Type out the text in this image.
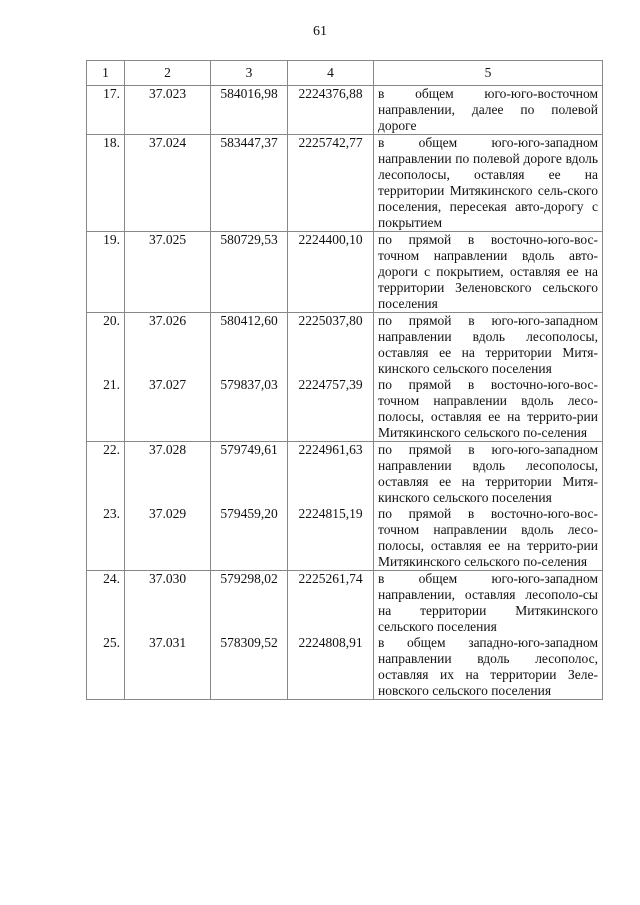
61
1	2	3	4	5
17.	37.023	584016,98	2224376,88	в общем юго-юго-восточном направлении, далее по полевой дороге
18.	37.024	583447,37	2225742,77	в общем юго-юго-западном направлении по полевой дороге вдоль лесополосы, оставляя ее на территории Митякинского сель-ского поселения, пересекая авто-дорогу с покрытием
19.	37.025	580729,53	2224400,10	по прямой в восточно-юго-вос-точном направлении вдоль авто-дороги с покрытием, оставляя ее на территории Зеленовского сельского поселения
20.	37.026	580412,60	2225037,80	по прямой в юго-юго-западном направлении вдоль лесополосы, оставляя ее на территории Митя-кинского сельского поселения
21.	37.027	579837,03	2224757,39	по прямой в восточно-юго-вос-точном направлении вдоль лесо-полосы, оставляя ее на террито-рии Митякинского сельского по-селения
22.	37.028	579749,61	2224961,63	по прямой в юго-юго-западном направлении вдоль лесополосы, оставляя ее на территории Митя-кинского сельского поселения
23.	37.029	579459,20	2224815,19	по прямой в восточно-юго-вос-точном направлении вдоль лесо-полосы, оставляя ее на террито-рии Митякинского сельского по-селения
24.	37.030	579298,02	2225261,74	в общем юго-юго-западном направлении, оставляя лесополо-сы на территории Митякинского сельского поселения
25.	37.031	578309,52	2224808,91	в общем западно-юго-западном направлении вдоль лесополос, оставляя их на территории Зеле-новского сельского поселения
